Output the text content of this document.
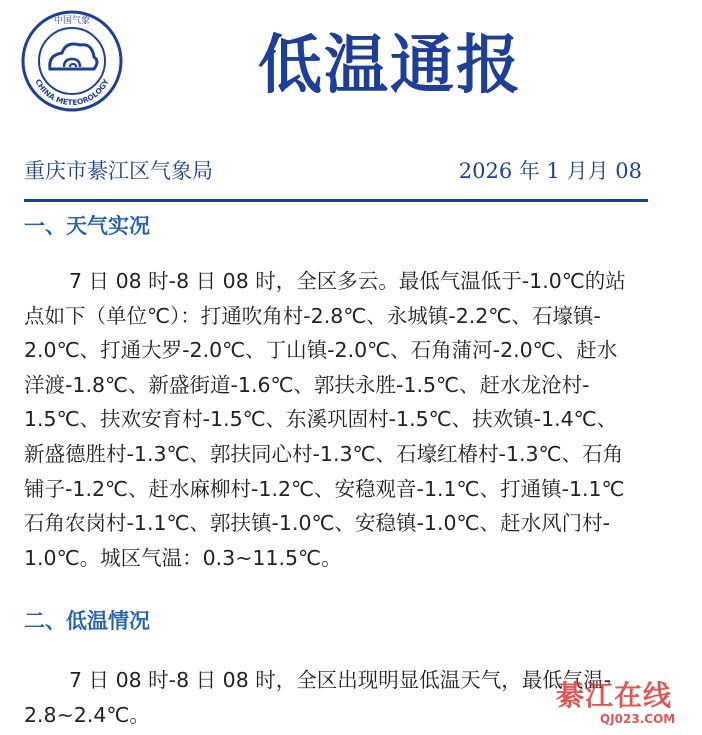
中国气象
CHINA METEOROLOGY	低温通报
重庆市綦江区气象局	2026 年 1 月月 08
一、天气实况
7 日 08 时-8 日 08 时，全区多云。最低气温低于-1.0℃的站
点如下（单位℃）：打通吹角村-2.8℃、永城镇-2.2℃、石壕镇-
2.0℃、打通大罗-2.0℃、丁山镇-2.0℃、石角蒲河-2.0℃、赶水
洋渡-1.8℃、新盛街道-1.6℃、郭扶永胜-1.5℃、赶水龙沧村-
1.5℃、扶欢安育村-1.5℃、东溪巩固村-1.5℃、扶欢镇-1.4℃、
新盛德胜村-1.3℃、郭扶同心村-1.3℃、石壕红椿村-1.3℃、石角
铺子-1.2℃、赶水麻柳村-1.2℃、安稳观音-1.1℃、打通镇-1.1℃
石角农岗村-1.1℃、郭扶镇-1.0℃、安稳镇-1.0℃、赶水风门村-
1.0℃。城区气温：0.3~11.5℃。
二、低温情况
7 日 08 时-8 日 08 时，全区出现明显低温天气，最低气温-
2.8~2.4℃。
綦江在线
QJ023.COM
